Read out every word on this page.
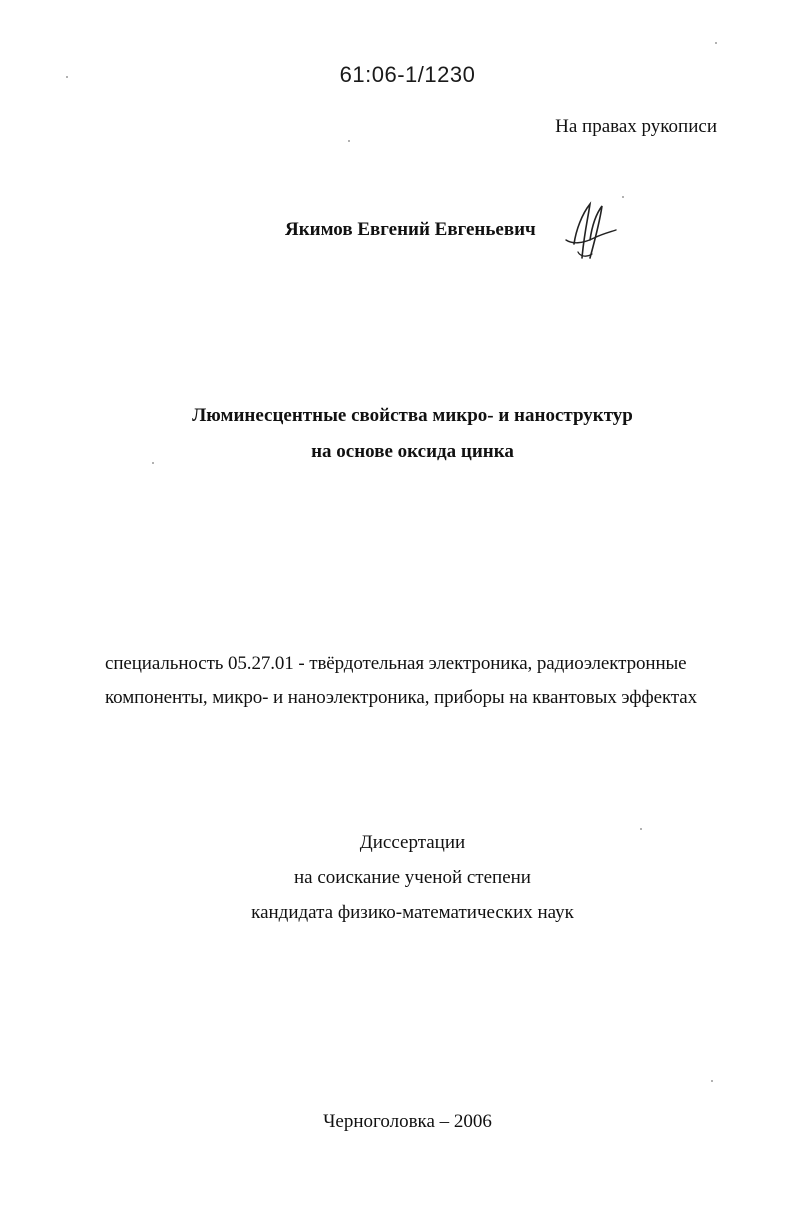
61:06-1/1230
На правах рукописи
Якимов Евгений Евгеньевич
Люминесцентные свойства микро- и наноструктур
на основе оксида цинка
специальность 05.27.01 - твёрдотельная электроника, радиоэлектронные компоненты, микро- и наноэлектроника, приборы на квантовых эффектах
Диссертации
на соискание ученой степени
кандидата физико-математических наук
Черноголовка – 2006
